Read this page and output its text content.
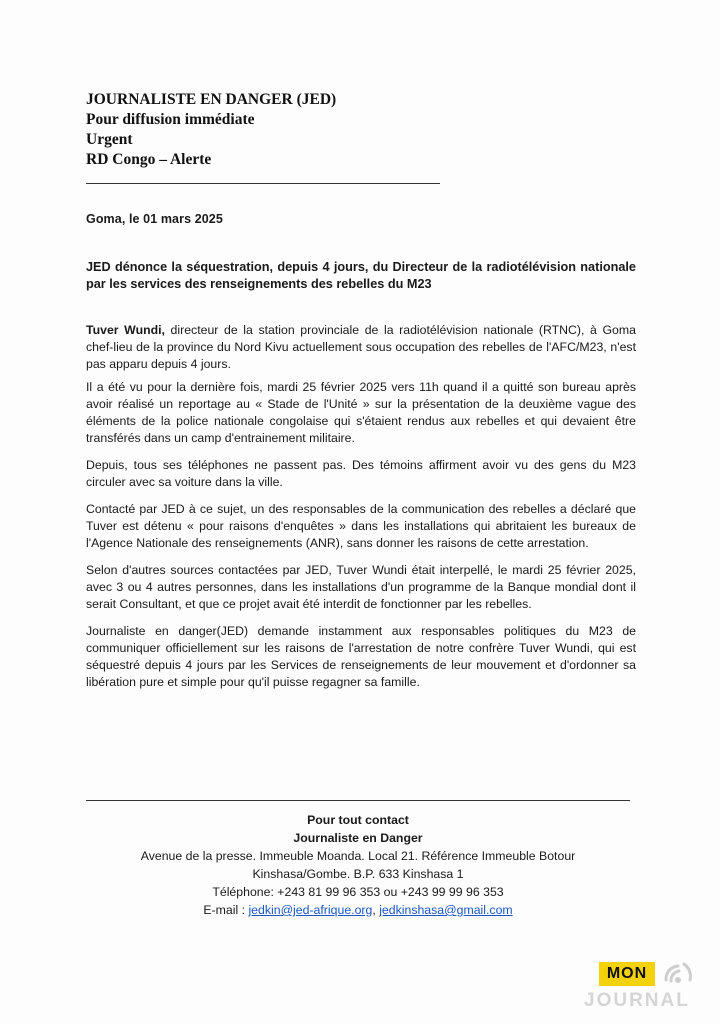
JOURNALISTE EN DANGER (JED)
Pour diffusion immédiate
Urgent
RD Congo – Alerte
Goma, le 01 mars 2025
JED dénonce la séquestration, depuis 4 jours, du Directeur de la radiotélévision nationale par les services des renseignements des rebelles du M23

Tuver Wundi, directeur de la station provinciale de la radiotélévision nationale (RTNC), à Goma chef-lieu de la province du Nord Kivu actuellement sous occupation des rebelles de l'AFC/M23, n'est pas apparu depuis 4 jours.

Il a été vu pour la dernière fois, mardi 25 février 2025 vers 11h quand il a quitté son bureau après avoir réalisé un reportage au « Stade de l'Unité » sur la présentation de la deuxième vague des éléments de la police nationale congolaise qui s'étaient rendus aux rebelles et qui devaient être transférés dans un camp d'entrainement militaire.

Depuis, tous ses téléphones ne passent pas. Des témoins affirment avoir vu des gens du M23 circuler avec sa voiture dans la ville.

Contacté par JED à ce sujet, un des responsables de la communication des rebelles a déclaré que Tuver est détenu « pour raisons d'enquêtes » dans les installations qui abritaient les bureaux de l'Agence Nationale des renseignements (ANR), sans donner les raisons de cette arrestation.

Selon d'autres sources contactées par JED, Tuver Wundi était interpellé, le mardi 25 février 2025, avec 3 ou 4 autres personnes, dans les installations d'un programme de la Banque mondial dont il serait Consultant, et que ce projet avait été interdit de fonctionner par les rebelles.

Journaliste en danger(JED) demande instamment aux responsables politiques du M23 de communiquer officiellement sur les raisons de l'arrestation de notre confrère Tuver Wundi, qui est séquestré depuis 4 jours par les Services de renseignements de leur mouvement et d'ordonner sa libération pure et simple pour qu'il puisse regagner sa famille.

Pour tout contact
Journaliste en Danger
Avenue de la presse. Immeuble Moanda. Local 21. Référence Immeuble Botour
Kinshasa/Gombe. B.P. 633 Kinshasa 1
Téléphone: +243 81 99 96 353 ou +243 99 99 96 353
E-mail : jedkin@jed-afrique.org, jedkinshasa@gmail.com
MON
JOURNAL
